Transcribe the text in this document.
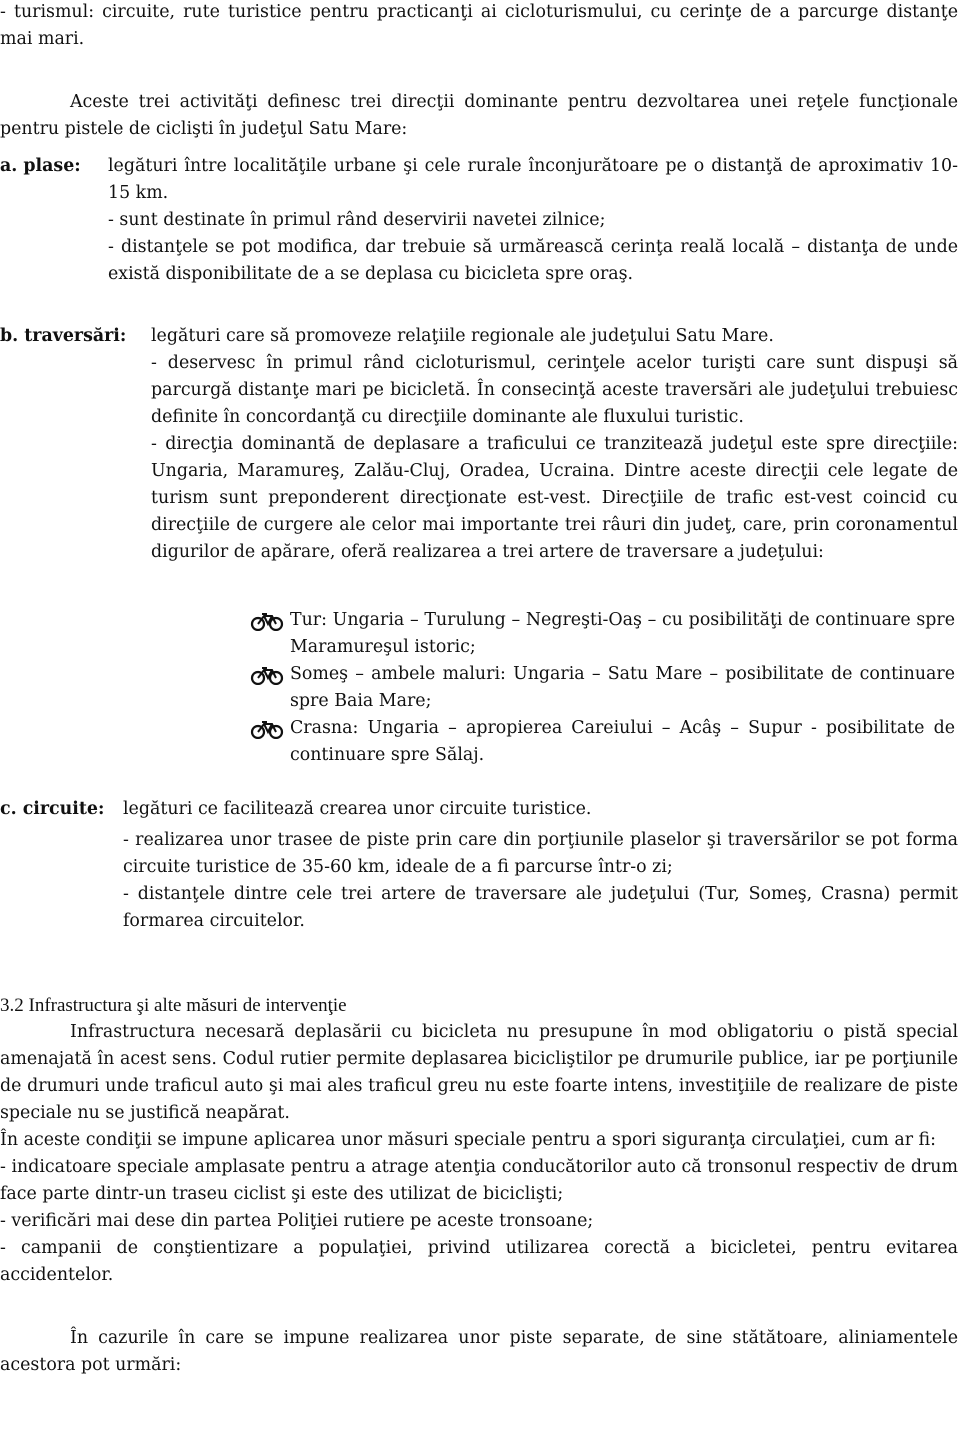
- turismul: circuite, rute turistice pentru practicanţi ai cicloturismului, cu cerinţe de a parcurge distanţe mai mari.

Aceste trei activităţi definesc trei direcţii dominante pentru dezvoltarea unei reţele funcţionale pentru pistele de ciclişti în judeţul Satu Mare:

a. plase: legături între localităţile urbane şi cele rurale înconjurătoare pe o distanţă de aproximativ 10-15 km.

- sunt destinate în primul rând deservirii navetei zilnice;

- distanţele se pot modifica, dar trebuie să urmărească cerinţa reală locală – distanţa de unde există disponibilitate de a se deplasa cu bicicleta spre oraş.

b. traversări: legături care să promoveze relaţiile regionale ale judeţului Satu Mare.

- deservesc în primul rând cicloturismul, cerinţele acelor turişti care sunt dispuşi să parcurgă distanţe mari pe bicicletă. În consecinţă aceste traversări ale judeţului trebuiesc definite în concordanţă cu direcţiile dominante ale fluxului turistic.

- direcţia dominantă de deplasare a traficului ce tranzitează judeţul este spre direcţiile: Ungaria, Maramureş, Zalău-Cluj, Oradea, Ucraina. Dintre aceste direcţii cele legate de turism sunt preponderent direcţionate est-vest. Direcţiile de trafic est-vest coincid cu direcţiile de curgere ale celor mai importante trei râuri din judeţ, care, prin coronamentul digurilor de apărare, oferă realizarea a trei artere de traversare a judeţului:

Tur: Ungaria – Turulung – Negreşti-Oaş – cu posibilităţi de continuare spre Maramureşul istoric;

Someş – ambele maluri: Ungaria – Satu Mare – posibilitate de continuare spre Baia Mare;

Crasna: Ungaria – apropierea Careiului – Acâş – Supur - posibilitate de continuare spre Sălaj.

c. circuite: legături ce facilitează crearea unor circuite turistice.

- realizarea unor trasee de piste prin care din porţiunile plaselor şi traversărilor se pot forma circuite turistice de 35-60 km, ideale de a fi parcurse într-o zi;

- distanţele dintre cele trei artere de traversare ale judeţului (Tur, Someş, Crasna) permit formarea circuitelor.

3.2 Infrastructura şi alte măsuri de intervenţie

Infrastructura necesară deplasării cu bicicleta nu presupune în mod obligatoriu o pistă special amenajată în acest sens. Codul rutier permite deplasarea bicicliştilor pe drumurile publice, iar pe porţiunile de drumuri unde traficul auto şi mai ales traficul greu nu este foarte intens, investiţiile de realizare de piste speciale nu se justifică neapărat.

În aceste condiţii se impune aplicarea unor măsuri speciale pentru a spori siguranţa circulaţiei, cum ar fi:

- indicatoare speciale amplasate pentru a atrage atenţia conducătorilor auto că tronsonul respectiv de drum face parte dintr-un traseu ciclist şi este des utilizat de biciclişti;

- verificări mai dese din partea Poliţiei rutiere pe aceste tronsoane;

- campanii de conştientizare a populaţiei, privind utilizarea corectă a bicicletei, pentru evitarea accidentelor.

În cazurile în care se impune realizarea unor piste separate, de sine stătătoare, aliniamentele acestora pot urmări:
